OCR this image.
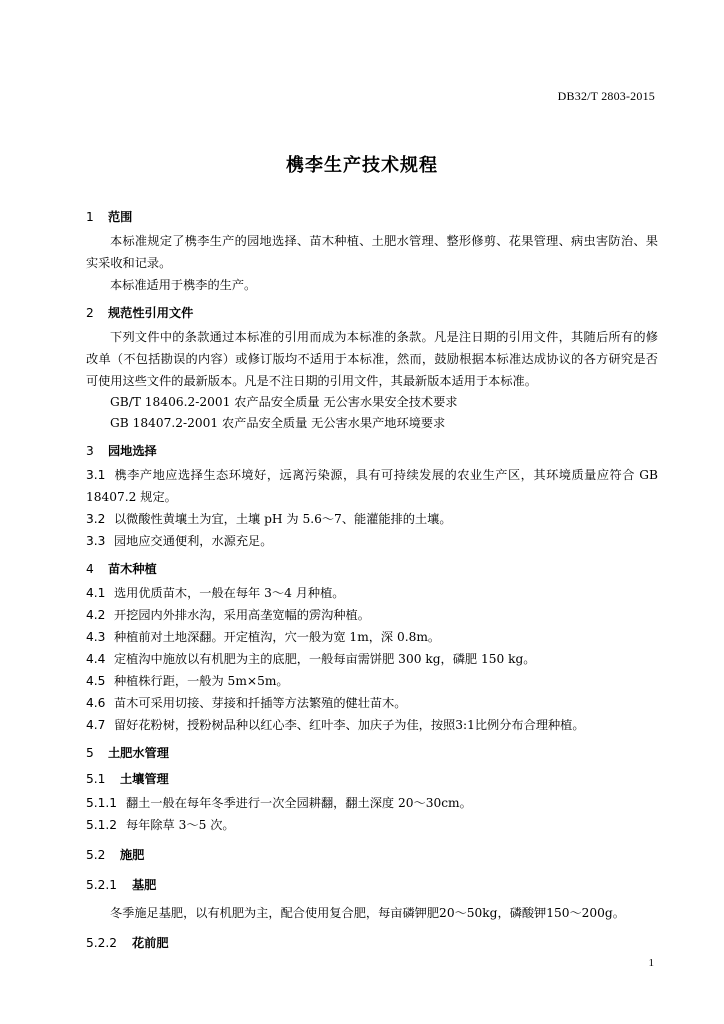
DB32/T 2803-2015
槜李生产技术规程
1 范围

本标准规定了槜李生产的园地选择、苗木种植、土肥水管理、整形修剪、花果管理、病虫害防治、果实采收和记录。

本标准适用于槜李的生产。

2 规范性引用文件

下列文件中的条款通过本标准的引用而成为本标准的条款。凡是注日期的引用文件，其随后所有的修改单（不包括勘误的内容）或修订版均不适用于本标准，然而，鼓励根据本标准达成协议的各方研究是否可使用这些文件的最新版本。凡是不注日期的引用文件，其最新版本适用于本标准。

GB/T 18406.2-2001 农产品安全质量 无公害水果安全技术要求

GB 18407.2-2001 农产品安全质量 无公害水果产地环境要求

3 园地选择

3.1 槜李产地应选择生态环境好，远离污染源，具有可持续发展的农业生产区，其环境质量应符合 GB 18407.2 规定。

3.2 以微酸性黄壤土为宜，土壤 pH 为 5.6～7、能灌能排的土壤。

3.3 园地应交通便利，水源充足。

4 苗木种植

4.1 选用优质苗木，一般在每年 3～4 月种植。

4.2 开挖园内外排水沟，采用高垄宽幅的雳沟种植。

4.3 种植前对土地深翻。开定植沟，穴一般为宽 1m，深 0.8m。

4.4 定植沟中施放以有机肥为主的底肥，一般每亩需饼肥 300 kg，磷肥 150 kg。

4.5 种植株行距，一般为 5m×5m。

4.6 苗木可采用切接、芽接和扦插等方法繁殖的健壮苗木。

4.7 留好花粉树，授粉树品种以红心李、红叶李、加庆子为佳，按照3:1比例分布合理种植。

5 土肥水管理
5.1 土壤管理

5.1.1 翻土一般在每年冬季进行一次全园耕翻，翻土深度 20～30cm。

5.1.2 每年除草 3～5 次。

5.2 施肥
5.2.1 基肥

冬季施足基肥，以有机肥为主，配合使用复合肥，每亩磷钾肥20～50kg，磷酸钾150～200g。

5.2.2 花前肥
1
